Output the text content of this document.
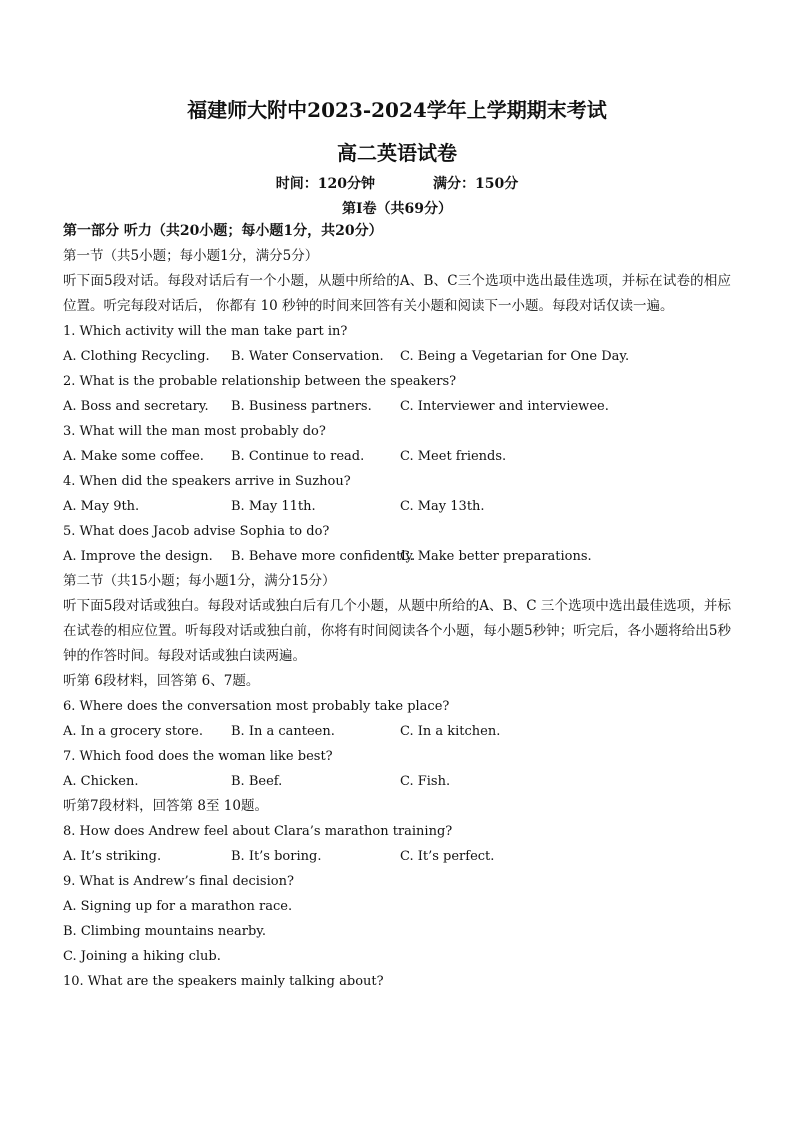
福建师大附中2023-2024学年上学期期末考试
高二英语试卷
时间：120分钟	满分：150分
第I卷（共69分）
第一部分 听力（共20小题；每小题1分，共20分）
第一节（共5小题；每小题1分，满分5分）
听下面5段对话。每段对话后有一个小题，从题中所给的A、B、C三个选项中选出最佳选项，并标在试卷的相应位置。听完每段对话后， 你都有 10 秒钟的时间来回答有关小题和阅读下一小题。每段对话仅读一遍。
1. Which activity will the man take part in?
A. Clothing Recycling. B. Water Conservation. C. Being a Vegetarian for One Day.
2. What is the probable relationship between the speakers?
A. Boss and secretary. B. Business partners. C. Interviewer and interviewee.
3. What will the man most probably do?
A. Make some coffee. B. Continue to read.	C. Meet friends.
4. When did the speakers arrive in Suzhou?
A. May 9th.	B. May 11th.	C. May 13th.
5. What does Jacob advise Sophia to do?
A. Improve the design. B. Behave more confidently.
C. Make better preparations.
第二节（共15小题；每小题1分，满分15分）
听下面5段对话或独白。每段对话或独白后有几个小题，从题中所给的A、B、C 三个选项中选出最佳选项，并标在试卷的相应位置。听每段对话或独白前，你将有时间阅读各个小题，每小题5秒钟；听完后，各小题将给出5秒钟的作答时间。每段对话或独白读两遍。
听第 6段材料，回答第 6、7题。
6. Where does the conversation most probably take place?
A. In a grocery store. B. In a canteen.	C. In a kitchen.
7. Which food does the woman like best?
A. Chicken.	B. Beef.	C. Fish.
听第7段材料，回答第 8至 10题。
8. How does Andrew feel about Clara’s marathon training?
A. It’s striking.	B. It’s boring.	C. It’s perfect.
9. What is Andrew’s final decision?
A. Signing up for a marathon race.
B. Climbing mountains nearby.
C. Joining a hiking club.
10. What are the speakers mainly talking about?
